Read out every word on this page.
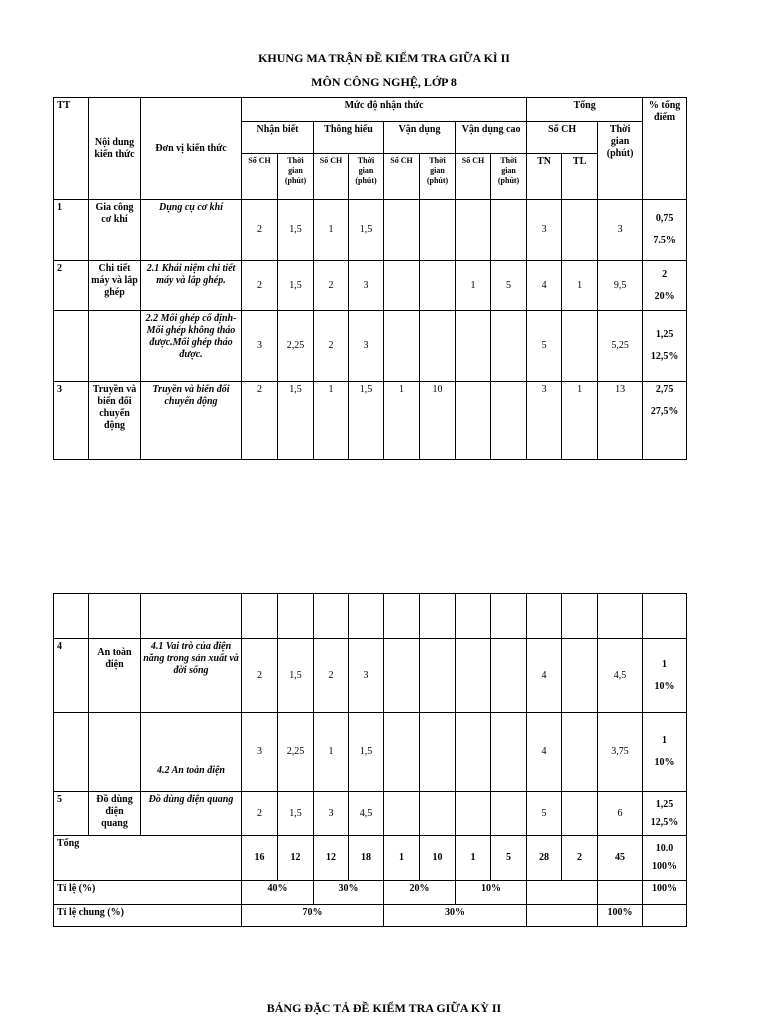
KHUNG MA TRẬN ĐỀ KIỂM TRA GIỮA KÌ II
MÔN CÔNG NGHỆ, LỚP 8
TT	Nội dung kiến thức	Đơn vị kiến thức	Mức độ nhận thức								Tổng			% tổng điểm
			Nhận biết		Thông hiểu		Vận dụng		Vận dụng cao		Số CH		Thời gian (phút)	
			Số CH	Thời gian (phút)	Số CH	Thời gian (phút)	Số CH	Thời gian (phút)	Số CH	Thời gian (phút)	TN	TL		
1	Gia công cơ khí	Dụng cụ cơ khí	2	1,5	1	1,5					3		3	0,75
7.5%

2	Chi tiết máy và lắp ghép	2.1 Khái niệm chi tiết máy và lắp ghép.	2	1,5	2	3			1	5	4	1	9,5	2
20%

		2.2 Mối ghép cố định-Mối ghép không tháo được.Mối ghép tháo được.	3	2,25	2	3					5		5,25	1,25
12,5%

3	Truyền và biến đổi chuyển động	Truyền và biến đổi chuyển động	2	1,5	1	1,5	1	10			3	1	13	2,75
27,5%

4	An toàn điện	4.1 Vai trò của điện năng trong sản xuất và đời sống	2	1,5	2	3					4		4,5	1
10%

		4.2 An toàn điện	3	2,25	1	1,5					4		3,75	1
10%

5	Đồ dùng điện quang	Đồ dùng điện quang	2	1,5	3	4,5					5		6	1,25
12,5%

Tổng			16	12	12	18	1	10	1	5	28	2	45	10.0
100%

Tỉ lệ (%)			40%		30%		20%		10%					100%
Tỉ lệ chung (%)			70%				30%						100%	
BẢNG ĐẶC TẢ ĐỀ KIỂM TRA GIỮA KỲ II
